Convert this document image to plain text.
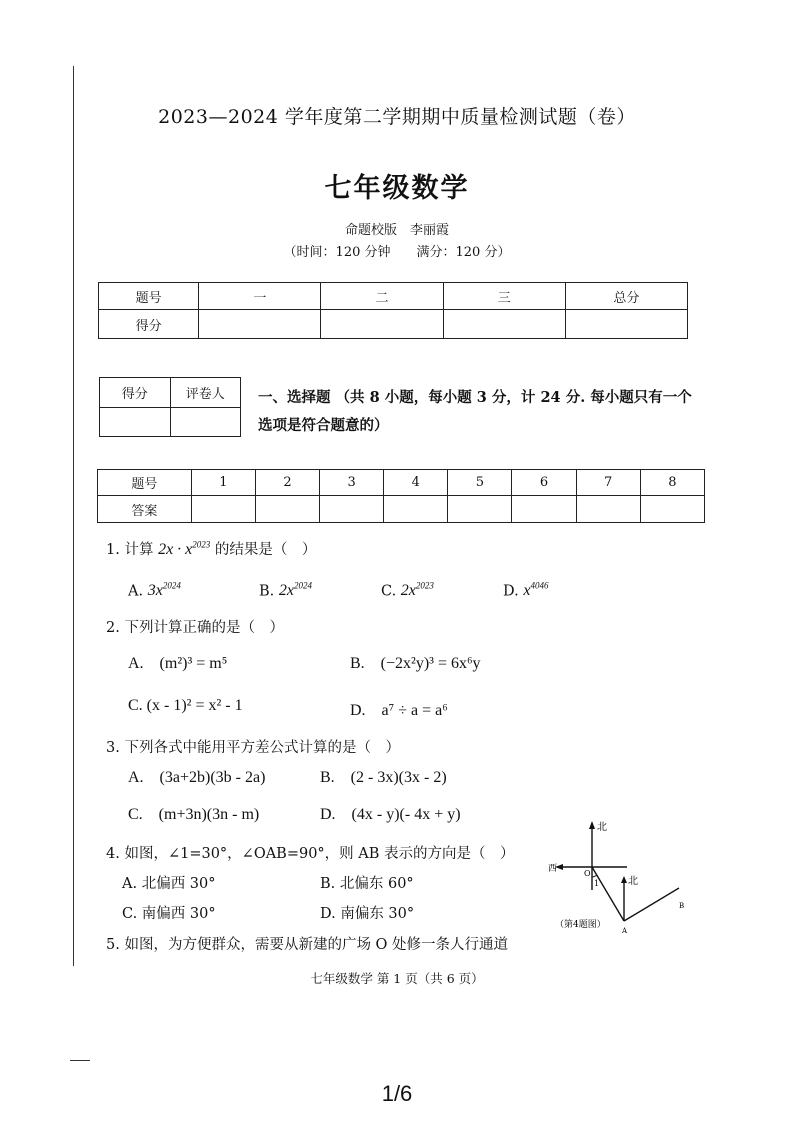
2023—2024 学年度第二学期期中质量检测试题（卷）
七年级数学
命题校版　李丽霞
（时间：120 分钟　　满分：120 分）
题号	一	二	三	总分
得分				
得分	评卷人
	一、选择题 （共 8 小题，每小题 3 分，计 24 分. 每小题只有一个
选项是符合题意的）
题号	1	2	3	4	5	6	7	8
答案								
1. 计算 $2x \cdot x^{2023}$ 的结果是（　）
A. $3x^{2024}$	B. $2x^{2024}$	C. $2x^{2023}$	D. $x^{4046}$
2. 下列计算正确的是（　）
A.　(m²)³ = m⁵	B.　(−2x²y)³ = 6x⁶y
C. (x - 1)² = x² - 1	D.　a⁷ ÷ a = a⁶
3. 下列各式中能用平方差公式计算的是（　）
A.　(3a+2b)(3b - 2a)	B.　(2 - 3x)(3x - 2)
C.　(m+3n)(3n - m)	D.　(4x - y)(- 4x + y)
4. 如图，∠1=30°，∠OAB=90°，则 AB 表示的方向是（　）
A. 北偏西 30°	B. 北偏东 60°
C. 南偏西 30°	D. 南偏东 30°
北
西	O
1	北
A
B
（第4题图）
5. 如图，为方便群众，需要从新建的广场 O 处修一条人行通道
七年级数学 第 1 页（共 6 页）
1/6
